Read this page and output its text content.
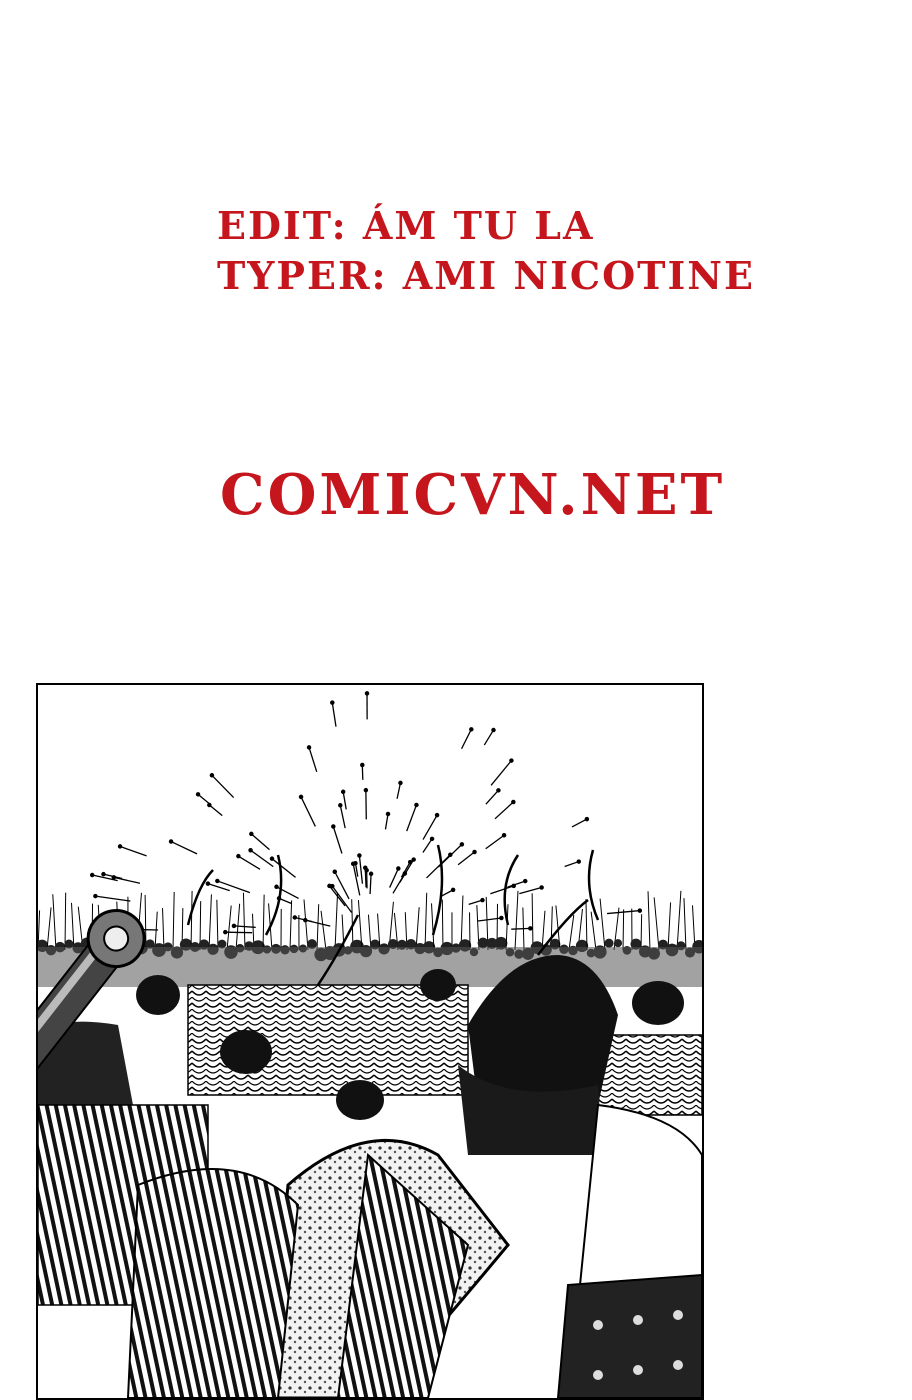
EDIT: ÁM TU LA

TYPER: AMI NICOTINE

COMICVN.NET
